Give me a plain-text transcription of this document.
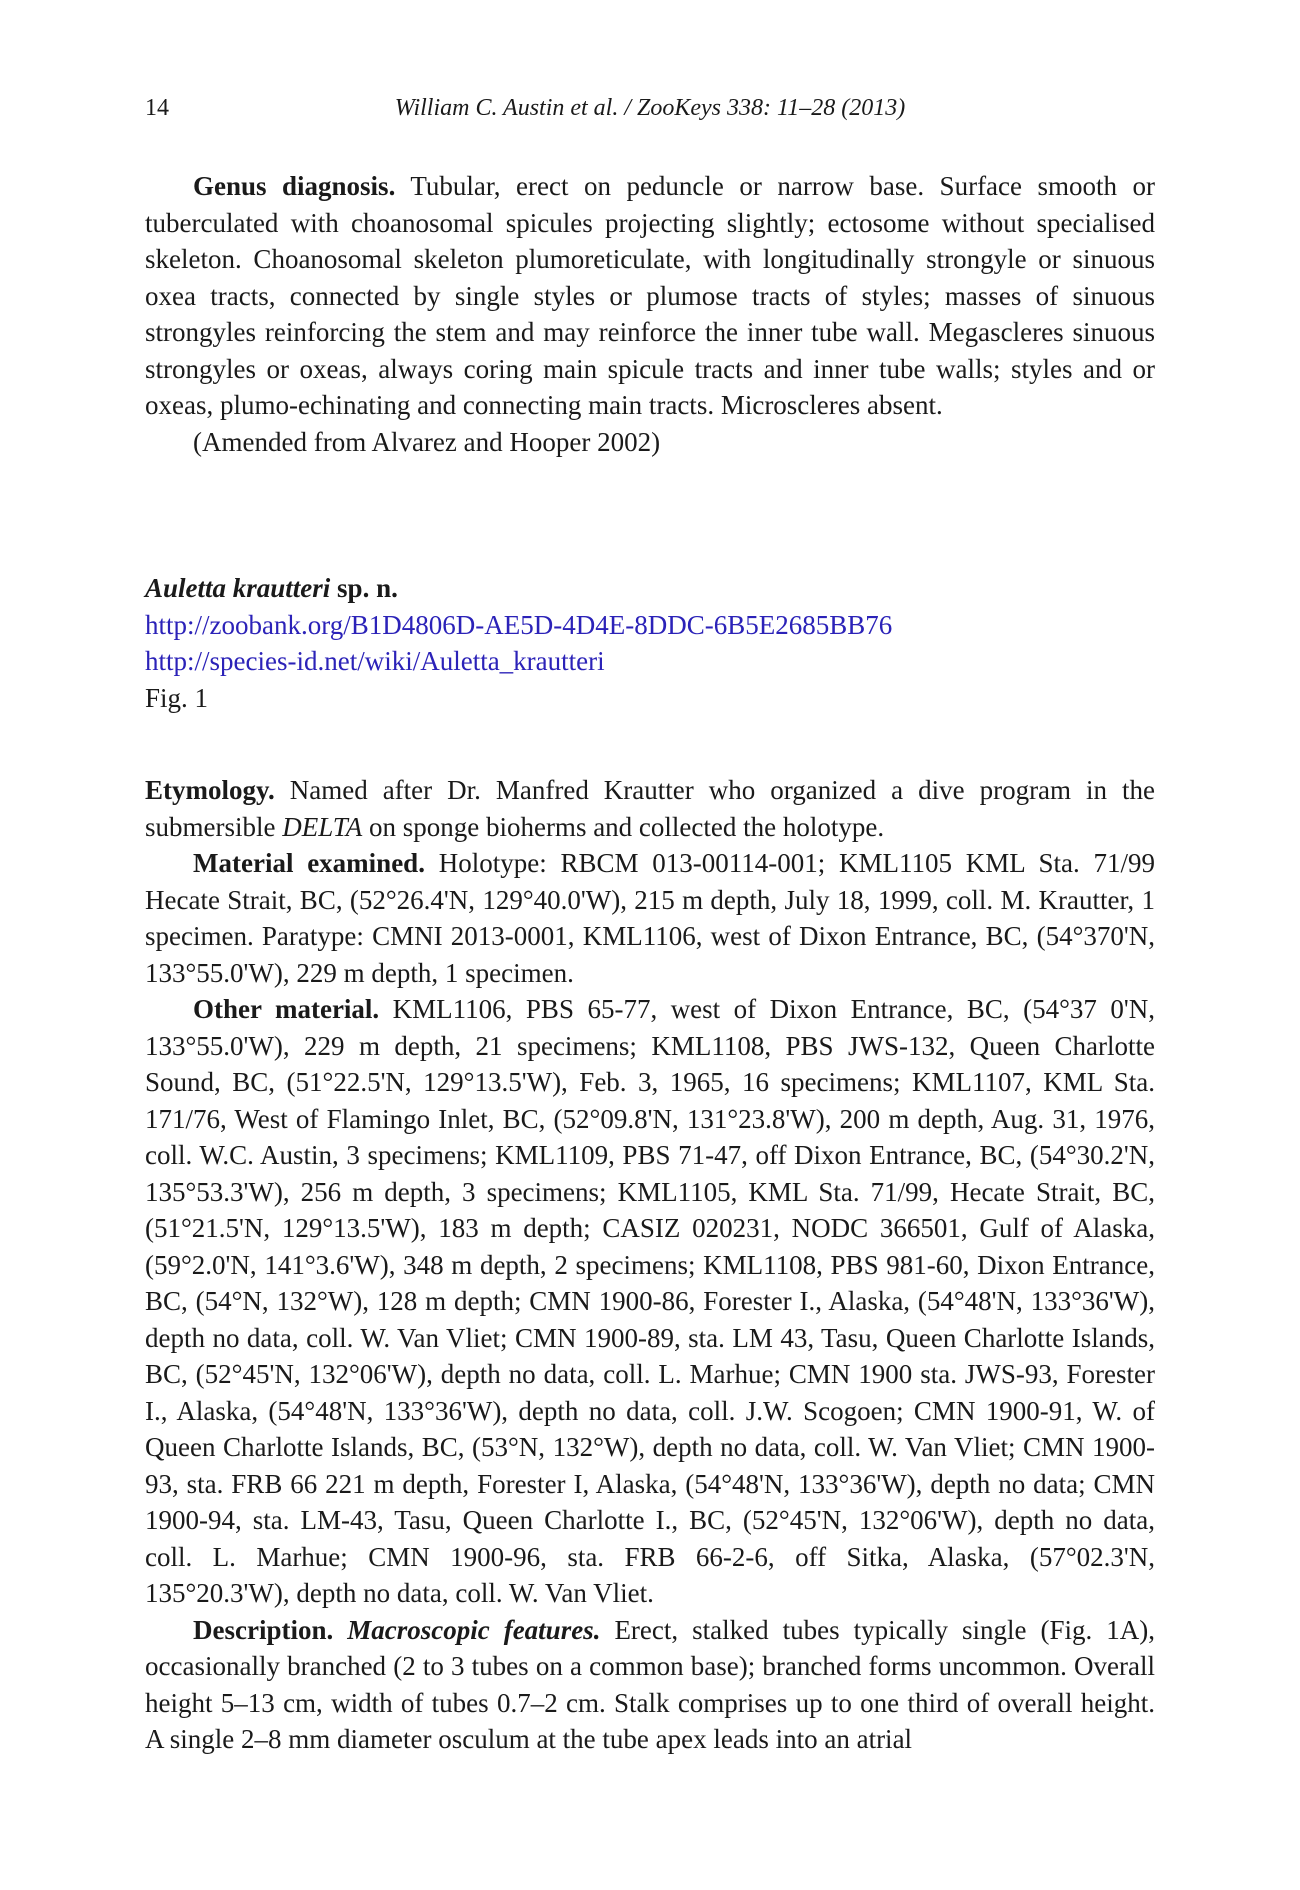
14	William C. Austin et al. / ZooKeys 338: 11–28 (2013)

Genus diagnosis. Tubular, erect on peduncle or narrow base. Surface smooth or tuberculated with choanosomal spicules projecting slightly; ectosome without specialised skeleton. Choanosomal skeleton plumoreticulate, with longitudinally strongyle or sinuous oxea tracts, connected by single styles or plumose tracts of styles; masses of sinuous strongyles reinforcing the stem and may reinforce the inner tube wall. Megascleres sinuous strongyles or oxeas, always coring main spicule tracts and inner tube walls; styles and or oxeas, plumo-echinating and connecting main tracts. Microscleres absent.

(Amended from Alvarez and Hooper 2002)

Auletta krautteri sp. n.
http://zoobank.org/B1D4806D-AE5D-4D4E-8DDC-6B5E2685BB76
http://species-id.net/wiki/Auletta_krautteri
Fig. 1

Etymology. Named after Dr. Manfred Krautter who organized a dive program in the submersible DELTA on sponge bioherms and collected the holotype.

Material examined. Holotype: RBCM 013-00114-001; KML1105 KML Sta. 71/99 Hecate Strait, BC, (52°26.4'N, 129°40.0'W), 215 m depth, July 18, 1999, coll. M. Krautter, 1 specimen. Paratype: CMNI 2013-0001, KML1106, west of Dixon Entrance, BC, (54°370'N, 133°55.0'W), 229 m depth, 1 specimen.

Other material. KML1106, PBS 65-77, west of Dixon Entrance, BC, (54°37 0'N, 133°55.0'W), 229 m depth, 21 specimens; KML1108, PBS JWS-132, Queen Charlotte Sound, BC, (51°22.5'N, 129°13.5'W), Feb. 3, 1965, 16 specimens; KML1107, KML Sta. 171/76, West of Flamingo Inlet, BC, (52°09.8'N, 131°23.8'W), 200 m depth, Aug. 31, 1976, coll. W.C. Austin, 3 specimens; KML1109, PBS 71-47, off Dixon Entrance, BC, (54°30.2'N, 135°53.3'W), 256 m depth, 3 specimens; KML1105, KML Sta. 71/99, Hecate Strait, BC, (51°21.5'N, 129°13.5'W), 183 m depth; CASIZ 020231, NODC 366501, Gulf of Alaska, (59°2.0'N, 141°3.6'W), 348 m depth, 2 specimens; KML1108, PBS 981-60, Dixon Entrance, BC, (54°N, 132°W), 128 m depth; CMN 1900-86, Forester I., Alaska, (54°48'N, 133°36'W), depth no data, coll. W. Van Vliet; CMN 1900-89, sta. LM 43, Tasu, Queen Charlotte Islands, BC, (52°45'N, 132°06'W), depth no data, coll. L. Marhue; CMN 1900 sta. JWS-93, Forester I., Alaska, (54°48'N, 133°36'W), depth no data, coll. J.W. Scogoen; CMN 1900-91, W. of Queen Charlotte Islands, BC, (53°N, 132°W), depth no data, coll. W. Van Vliet; CMN 1900-93, sta. FRB 66 221 m depth, Forester I, Alaska, (54°48'N, 133°36'W), depth no data; CMN 1900-94, sta. LM-43, Tasu, Queen Charlotte I., BC, (52°45'N, 132°06'W), depth no data, coll. L. Marhue; CMN 1900-96, sta. FRB 66-2-6, off Sitka, Alaska, (57°02.3'N, 135°20.3'W), depth no data, coll. W. Van Vliet.

Description. Macroscopic features. Erect, stalked tubes typically single (Fig. 1A), occasionally branched (2 to 3 tubes on a common base); branched forms uncommon. Overall height 5–13 cm, width of tubes 0.7–2 cm. Stalk comprises up to one third of overall height. A single 2–8 mm diameter osculum at the tube apex leads into an atrial
